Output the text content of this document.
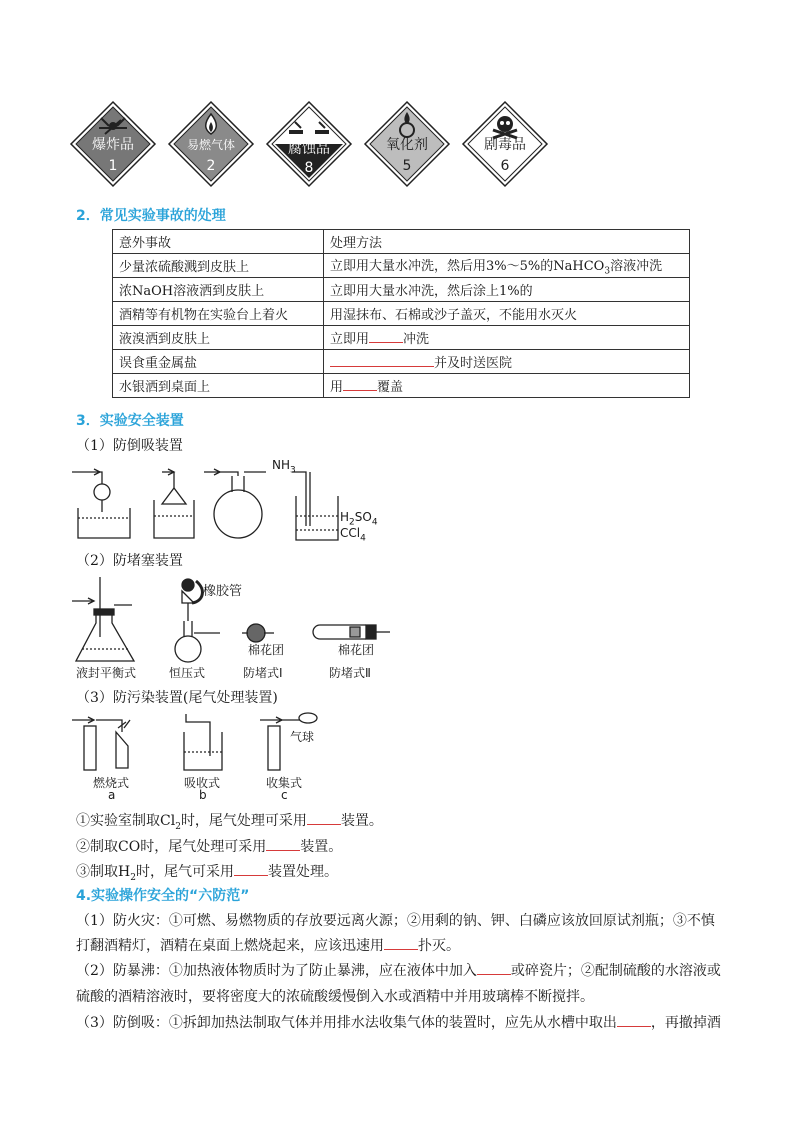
爆炸品
1
易燃气体
2
腐蚀品
8
氧化剂
5
剧毒品
6
2．常见实验事故的处理
意外事故	处理方法
少量浓硫酸溅到皮肤上	立即用大量水冲洗，然后用3%～5%的NaHCO$_3$溶液冲洗
浓NaOH溶液洒到皮肤上	立即用大量水冲洗，然后涂上1%的
酒精等有机物在实验台上着火	用湿抹布、石棉或沙子盖灭，不能用水灭火
液溴洒到皮肤上	立即用 冲洗
误食重金属盐	并及时送医院
水银洒到桌面上	用 覆盖
3．实验安全装置
（1）防倒吸装置
$NH_3$
$H_2SO_4$
CCl$_4$
（2）防堵塞装置
橡胶管
棉花团	棉花团
液封平衡式	恒压式	防堵式Ⅰ	防堵式Ⅱ
（3）防污染装置(尾气处理装置)
气球
燃烧式
a
吸收式
b
收集式
c
①实验室制取$Cl_2$时，尾气处理可采用 装置。
②制取CO时，尾气处理可采用 装置。
③制取$H_2$时，尾气可采用 装置处理。
4.实验操作安全的“六防范”
（1）防火灾：①可燃、易燃物质的存放要远离火源；②用剩的钠、钾、白磷应该放回原试剂瓶；③不慎
打翻酒精灯，酒精在桌面上燃烧起来，应该迅速用 扑灭。
（2）防暴沸：①加热液体物质时为了防止暴沸，应在液体中加入 或碎瓷片；②配制硫酸的水溶液或
硫酸的酒精溶液时，要将密度大的浓硫酸缓慢倒入水或酒精中并用玻璃棒不断搅拌。
（3）防倒吸：①拆卸加热法制取气体并用排水法收集气体的装置时，应先从水槽中取出 ，再撤掉酒
